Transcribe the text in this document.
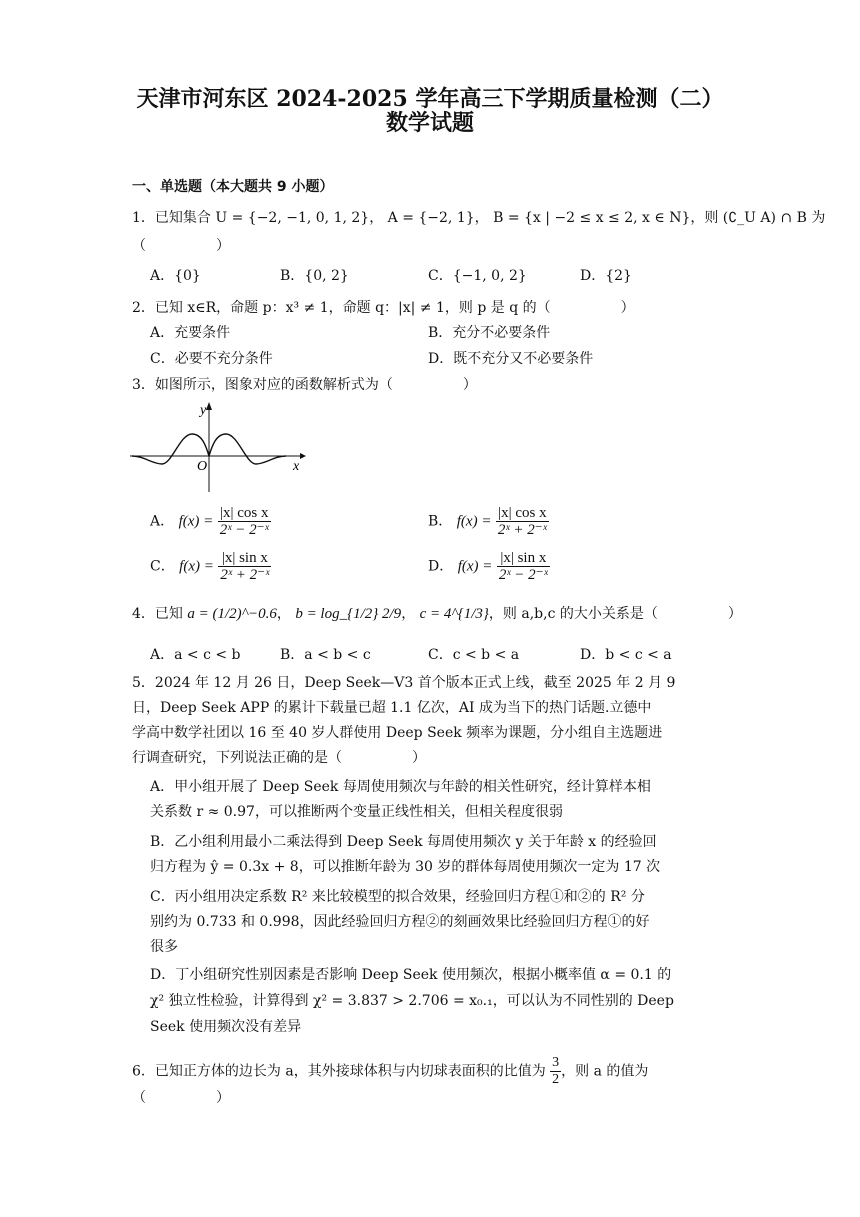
天津市河东区 2024-2025 学年高三下学期质量检测（二）
数学试题
一、单选题（本大题共 9 小题）
1．已知集合 U = {−2, −1, 0, 1, 2}， A = {−2, 1}， B = {x | −2 ≤ x ≤ 2, x ∈ N}，则 (∁_U A) ∩ B 为
（　　　　　）
A．{0}	B．{0, 2}	C．{−1, 0, 2}	D．{2}
2．已知 x∈R，命题 p：x³ ≠ 1，命题 q：|x| ≠ 1，则 p 是 q 的（　　　　　）
A．充要条件	B．充分不必要条件
C．必要不充分条件	D．既不充分又不必要条件
3．如图所示，图象对应的函数解析式为（　　　　　）
y
x
O
A． $f(x) = \frac{\text{|x| cos x}}{\text{2ˣ − 2⁻ˣ}}$	B． $f(x) = \frac{\text{|x| cos x}}{\text{2ˣ + 2⁻ˣ}}$
C． $f(x) = \frac{\text{|x| sin x}}{\text{2ˣ + 2⁻ˣ}}$	D． $f(x) = \frac{\text{|x| sin x}}{\text{2ˣ − 2⁻ˣ}}$
4．已知 a = (1/2)^−0.6， b = log_{1/2} 2/9， c = 4^{1/3}，则 a,b,c 的大小关系是（　　　　　）
A．a < c < b	B．a < b < c	C．c < b < a	D．b < c < a
5．2024 年 12 月 26 日，Deep Seek—V3 首个版本正式上线，截至 2025 年 2 月 9
日，Deep Seek APP 的累计下载量已超 1.1 亿次，AI 成为当下的热门话题.立德中
学高中数学社团以 16 至 40 岁人群使用 Deep Seek 频率为课题，分小组自主选题进
行调查研究，下列说法正确的是（　　　　　）
A．甲小组开展了 Deep Seek 每周使用频次与年龄的相关性研究，经计算样本相
关系数 r ≈ 0.97，可以推断两个变量正线性相关，但相关程度很弱
B．乙小组利用最小二乘法得到 Deep Seek 每周使用频次 y 关于年龄 x 的经验回
归方程为 ŷ = 0.3x + 8，可以推断年龄为 30 岁的群体每周使用频次一定为 17 次
C．丙小组用决定系数 R² 来比较模型的拟合效果，经验回归方程①和②的 R² 分
别约为 0.733 和 0.998，因此经验回归方程②的刻画效果比经验回归方程①的好
很多
D．丁小组研究性别因素是否影响 Deep Seek 使用频次，根据小概率值 α = 0.1 的
χ² 独立性检验，计算得到 χ² = 3.837 > 2.706 = x₀.₁，可以认为不同性别的 Deep
Seek 使用频次没有差异
6．已知正方体的边长为 a，其外接球体积与内切球表面积的比值为 $\frac{3}{2}$ ，则 a 的值为
（　　　　　）
